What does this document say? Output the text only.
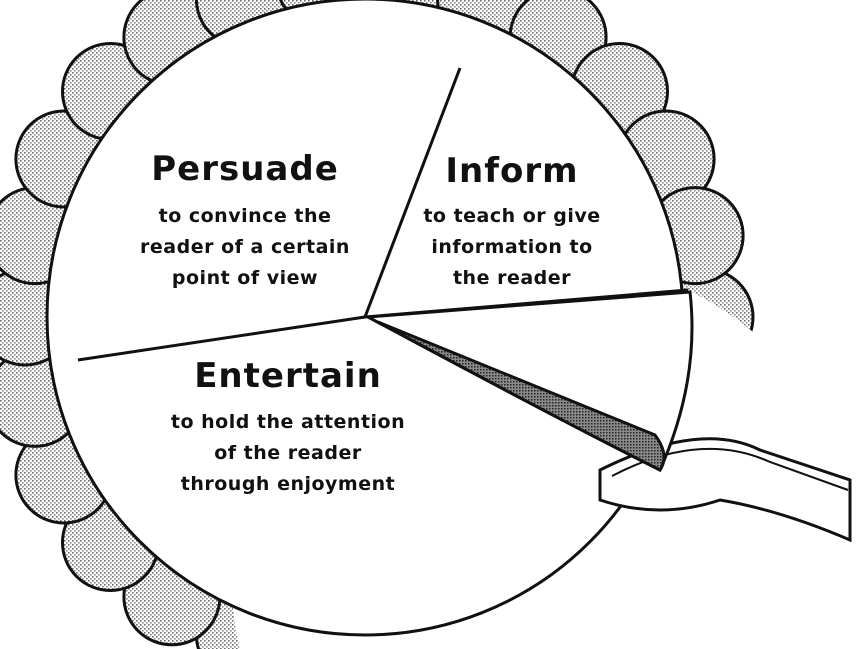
Persuade
to convince the
reader of a certain
point of view
Inform
to teach or give
information to
the reader
Entertain
to hold the attention
of the reader
through enjoyment
